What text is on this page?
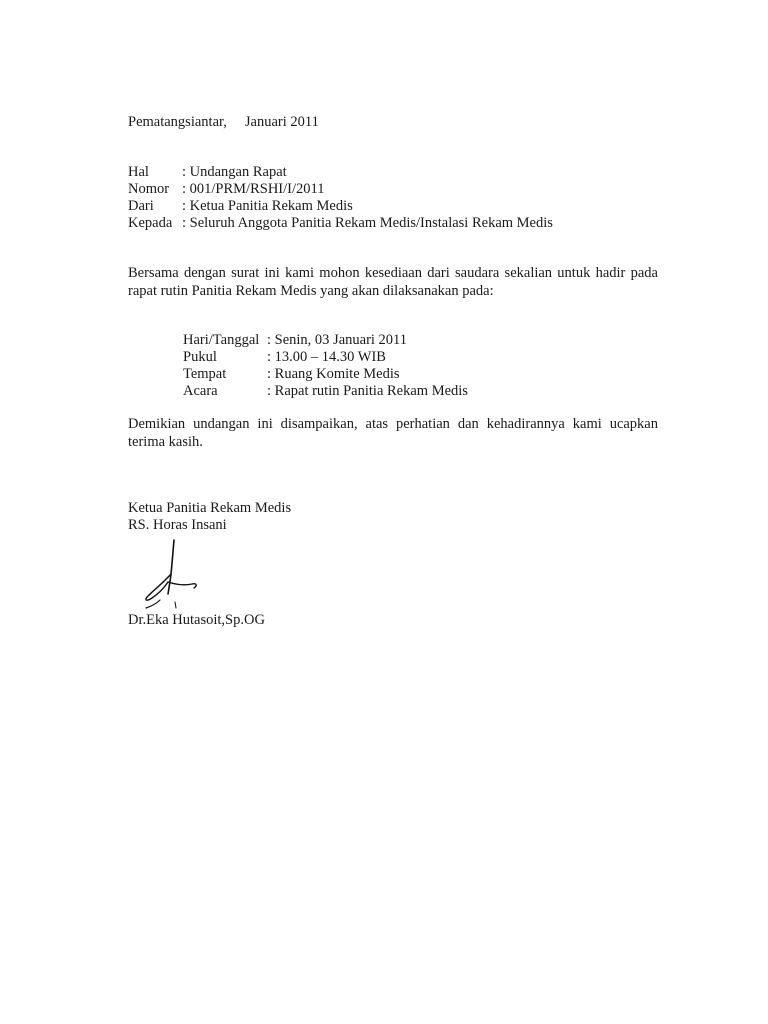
Pematangsiantar, Januari 2011
Hal	: Undangan Rapat
Nomor	: 001/PRM/RSHI/I/2011
Dari	: Ketua Panitia Rekam Medis
Kepada	: Seluruh Anggota Panitia Rekam Medis/Instalasi Rekam Medis
Bersama dengan surat ini kami mohon kesediaan dari saudara sekalian untuk hadir pada rapat rutin Panitia Rekam Medis yang akan dilaksanakan pada:
Hari/Tanggal	: Senin, 03 Januari 2011
Pukul	: 13.00 – 14.30 WIB
Tempat	: Ruang Komite Medis
Acara	: Rapat rutin Panitia Rekam Medis
Demikian undangan ini disampaikan, atas perhatian dan kehadirannya kami ucapkan terima kasih.
Ketua Panitia Rekam Medis
RS. Horas Insani
Dr.Eka Hutasoit,Sp.OG
